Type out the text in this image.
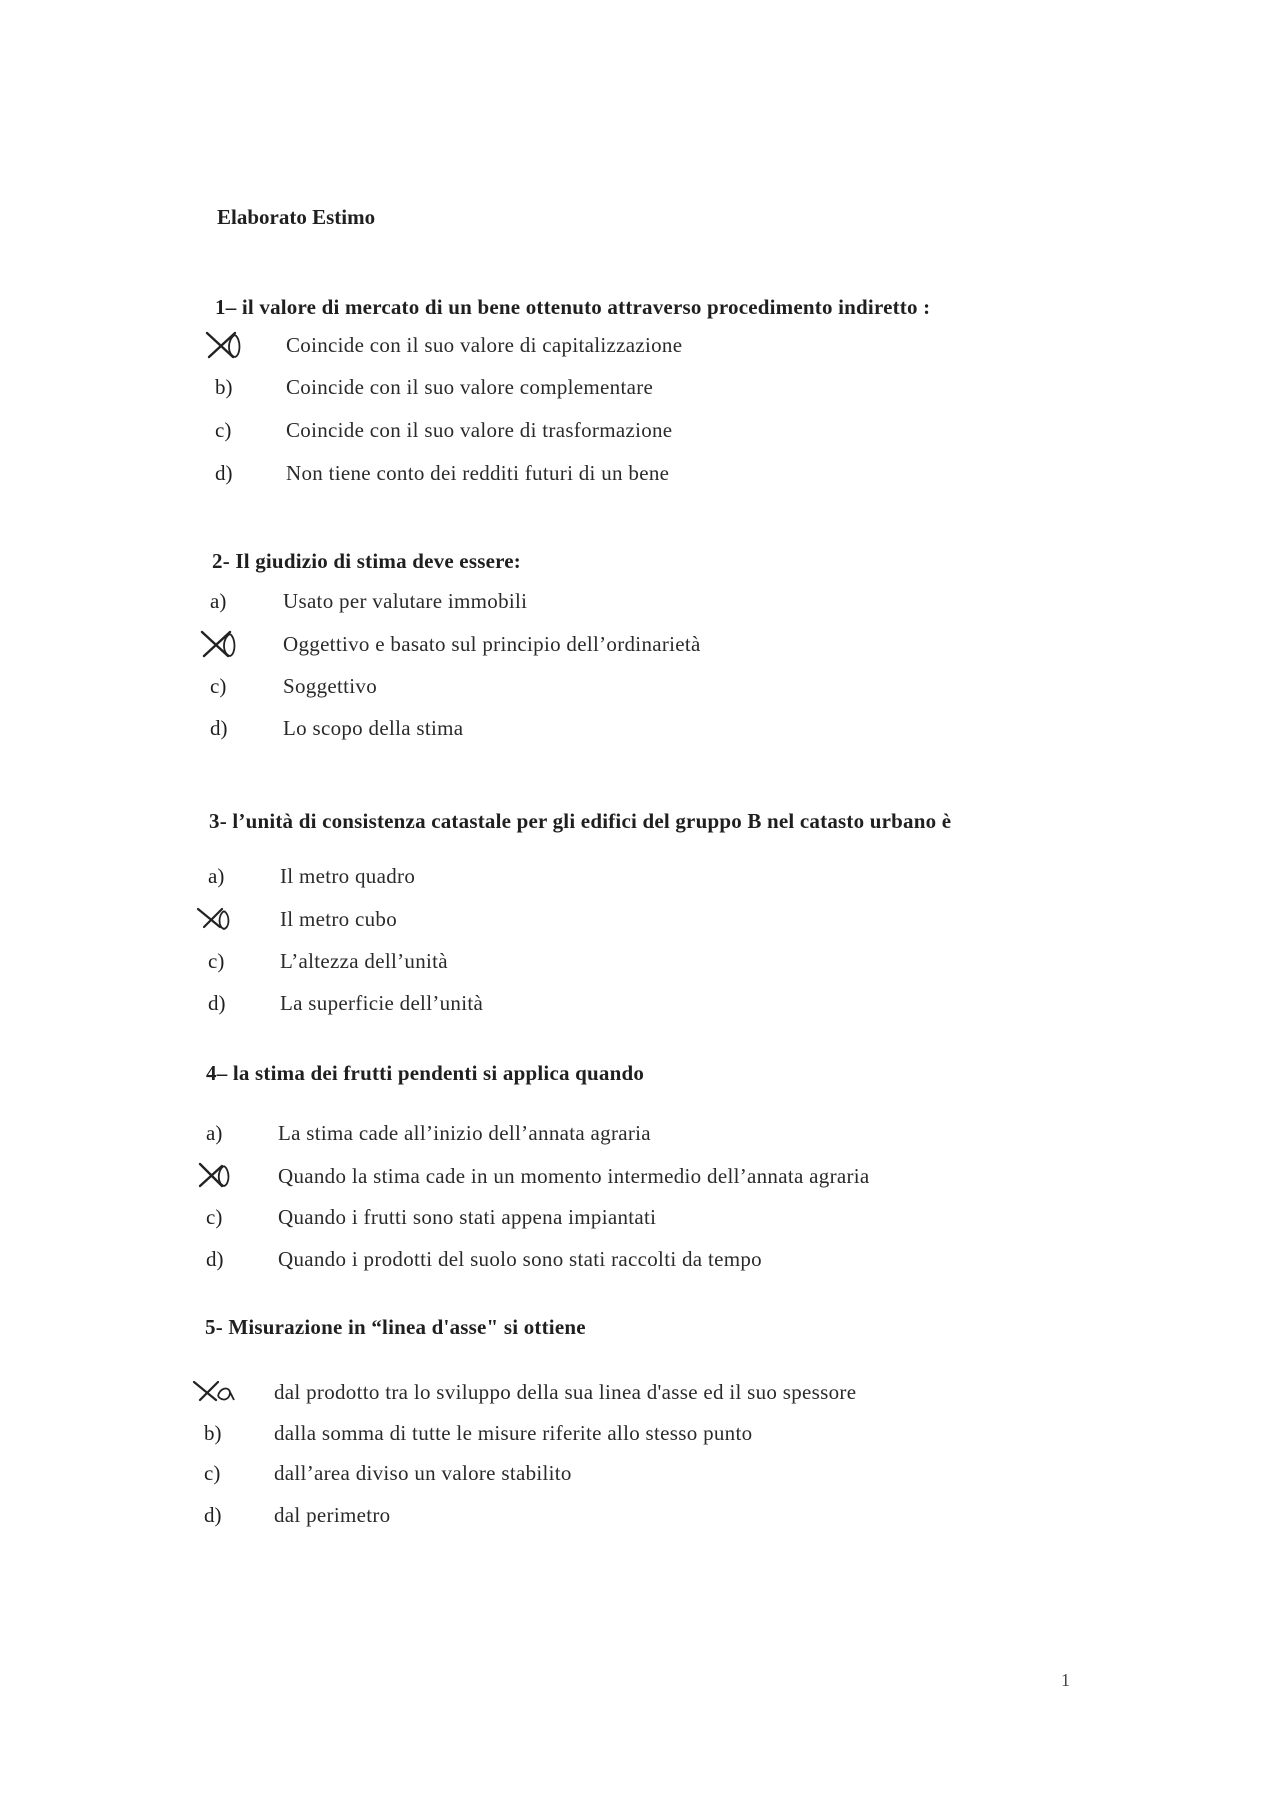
Elaborato Estimo
1– il valore di mercato di un bene ottenuto attraverso procedimento indiretto :
Coincide con il suo valore di capitalizzazione
b)	Coincide con il suo valore complementare
c)	Coincide con il suo valore di trasformazione
d)	Non tiene conto dei redditi futuri di un bene
2- Il giudizio di stima deve essere:
a)	Usato per valutare immobili
Oggettivo e basato sul principio dell’ordinarietà
c)	Soggettivo
d)	Lo scopo della stima
3- l’unità di consistenza catastale per gli edifici del gruppo B nel catasto urbano è
a)	Il metro quadro
Il metro cubo
c)	L’altezza dell’unità
d)	La superficie dell’unità
4– la stima dei frutti pendenti si applica quando
a)	La stima cade all’inizio dell’annata agraria
Quando la stima cade in un momento intermedio dell’annata agraria
c)	Quando i frutti sono stati appena impiantati
d)	Quando i prodotti del suolo sono stati raccolti da tempo
5- Misurazione in “linea d'asse" si ottiene
dal prodotto tra lo sviluppo della sua linea d'asse ed il suo spessore
b)	dalla somma di tutte le misure riferite allo stesso punto
c)	dall’area diviso un valore stabilito
d)	dal perimetro
1
